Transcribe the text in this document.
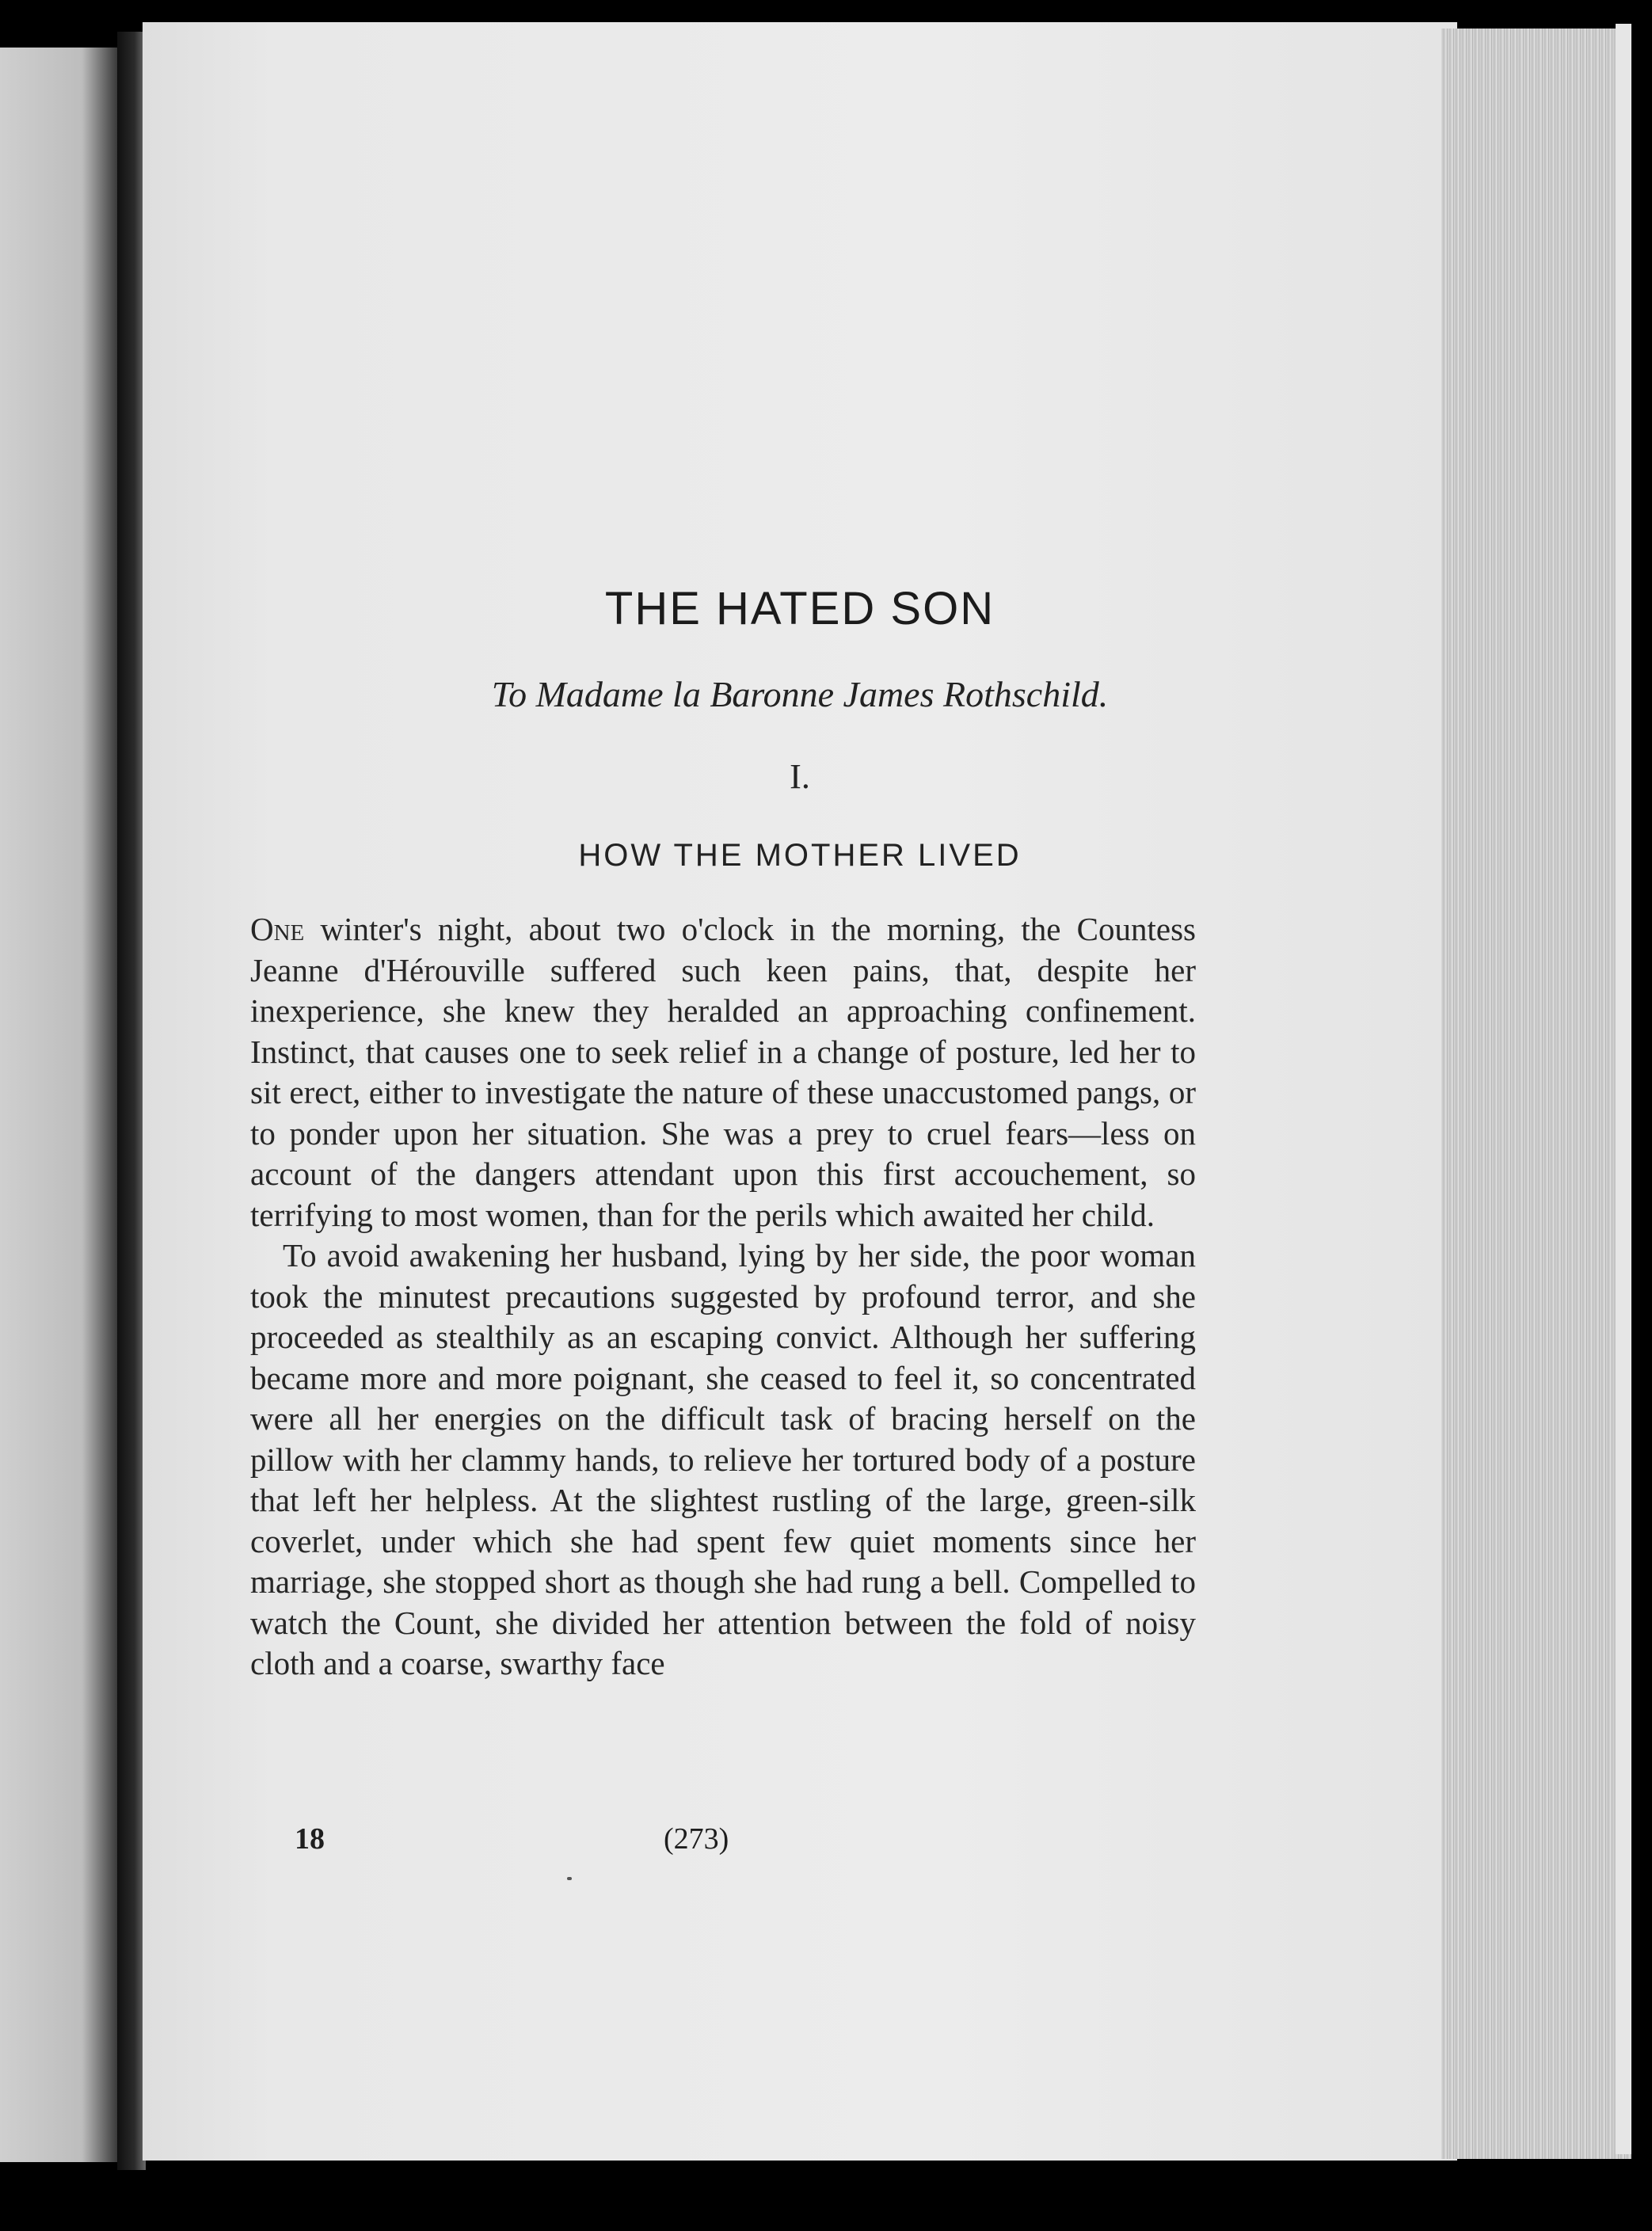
THE HATED SON
To Madame la Baronne James Rothschild.
I.
HOW THE MOTHER LIVED

One winter's night, about two o'clock in the morning, the Countess Jeanne d'Hérouville suffered such keen pains, that, despite her inexperience, she knew they heralded an approaching confinement. Instinct, that causes one to seek relief in a change of posture, led her to sit erect, either to investigate the nature of these unaccustomed pangs, or to ponder upon her situation. She was a prey to cruel fears—less on account of the dangers attendant upon this first accouchement, so terrifying to most women, than for the perils which awaited her child.

 To avoid awakening her husband, lying by her side, the poor woman took the minutest precautions suggested by profound terror, and she proceeded as stealthily as an escaping convict. Although her suffering became more and more poignant, she ceased to feel it, so concentrated were all her energies on the difficult task of bracing herself on the pillow with her clammy hands, to relieve her tortured body of a posture that left her helpless. At the slightest rustling of the large, green-silk coverlet, under which she had spent few quiet moments since her marriage, she stopped short as though she had rung a bell. Compelled to watch the Count, she divided her attention between the fold of noisy cloth and a coarse, swarthy face

18	(273)
